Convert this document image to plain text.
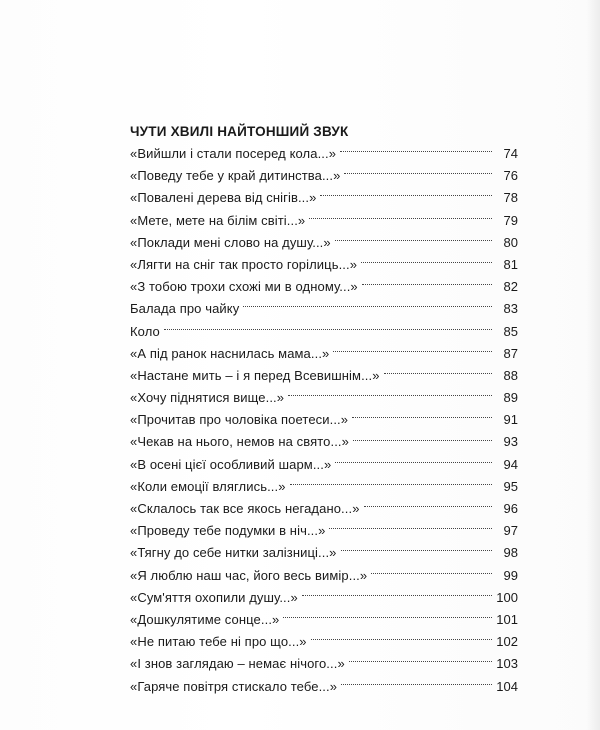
ЧУТИ ХВИЛІ НАЙТОНШИЙ ЗВУК
«Вийшли і стали посеред кола...»	74
«Поведу тебе у край дитинства...»	76
«Повалені дерева від снігів...»	78
«Мете, мете на білім світі...»	79
«Поклади мені слово на душу...»	80
«Лягти на сніг так просто горілиць...»	81
«З тобою трохи схожі ми в одному...»	82
Балада про чайку	83
Коло	85
«А під ранок наснилась мама...»	87
«Настане мить – і я перед Всевишнім...»	88
«Хочу піднятися вище...»	89
«Прочитав про чоловіка поетеси...»	91
«Чекав на нього, немов на свято...»	93
«В осені цієї особливий шарм...»	94
«Коли емоції вляглись...»	95
«Склалось так все якось негадано...»	96
«Проведу тебе подумки в ніч...»	97
«Тягну до себе нитки залізниці...»	98
«Я люблю наш час, його весь вимір...»	99
«Сум'яття охопили душу...»	100
«Дошкулятиме сонце...»	101
«Не питаю тебе ні про що...»	102
«І знов заглядаю – немає нічого...»	103
«Гаряче повітря стискало тебе...»	104
